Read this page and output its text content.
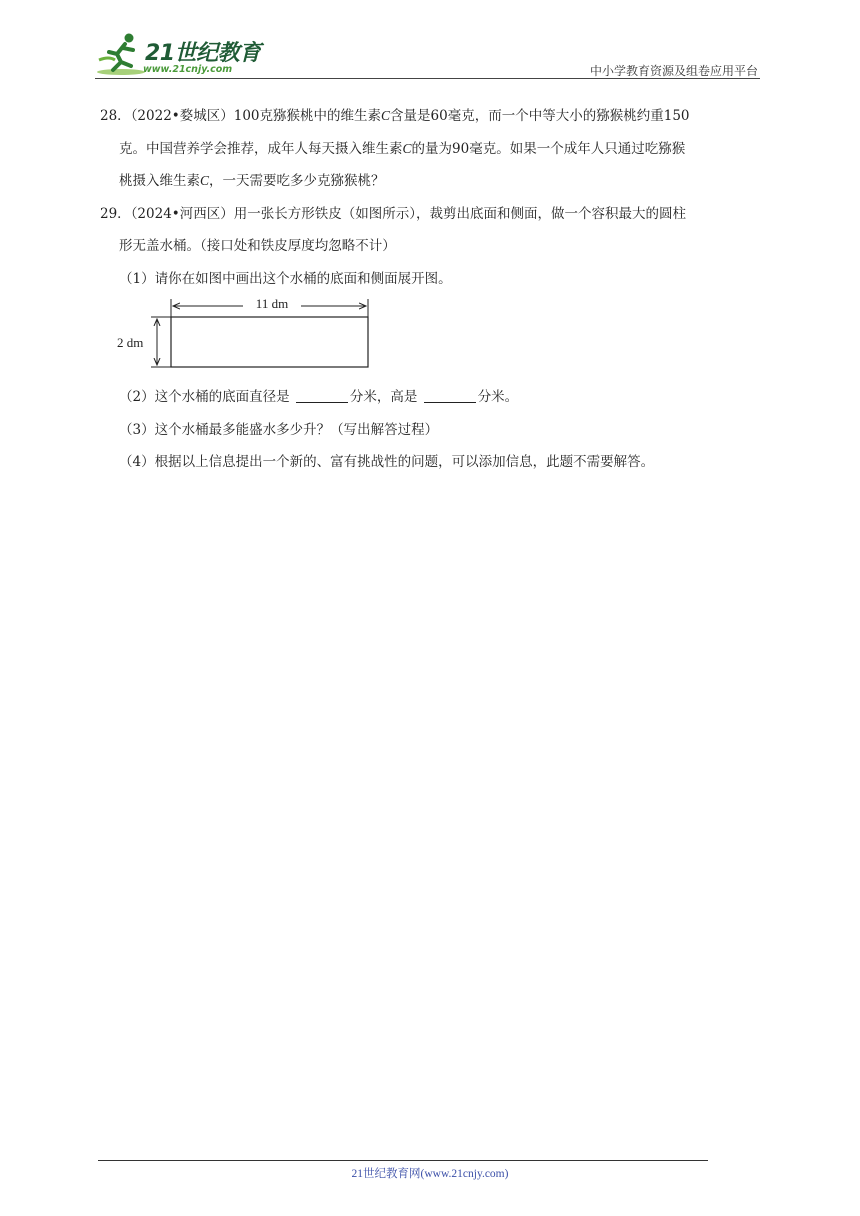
21世纪教育
www.21cnjy.com	中小学教育资源及组卷应用平台

28．（2022•婺城区）100克猕猴桃中的维生素C含量是60毫克，而一个中等大小的猕猴桃约重150

克。中国营养学会推荐，成年人每天摄入维生素C的量为90毫克。如果一个成年人只通过吃猕猴

桃摄入维生素C，一天需要吃多少克猕猴桃？

29．（2024•河西区）用一张长方形铁皮（如图所示），裁剪出底面和侧面，做一个容积最大的圆柱

形无盖水桶。（接口处和铁皮厚度均忽略不计）

（1）请你在如图中画出这个水桶的底面和侧面展开图。

11 dm
2 dm

（2）这个水桶的底面直径是	分米，高是	分米。

（3）这个水桶最多能盛水多少升？（写出解答过程）

（4）根据以上信息提出一个新的、富有挑战性的问题，可以添加信息，此题不需要解答。

21世纪教育网(www.21cnjy.com)
